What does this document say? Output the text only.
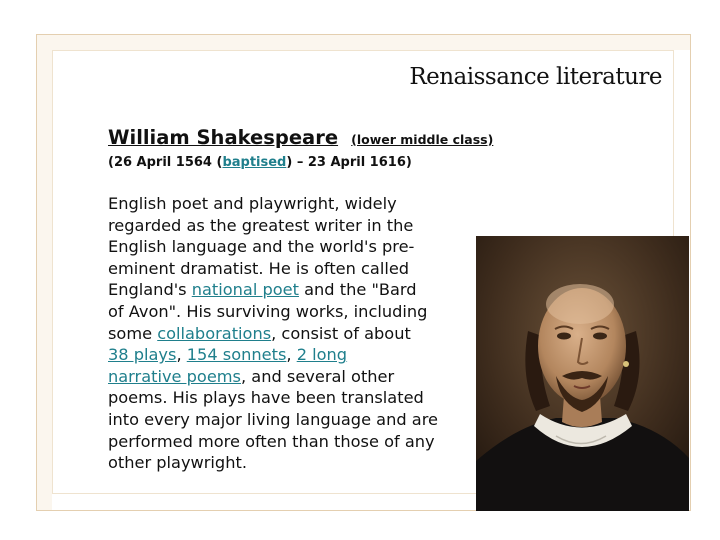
Renaissance literature
William Shakespeare (lower middle class)
(26 April 1564 (baptised) – 23 April 1616)
English poet and playwright, widely
regarded as the greatest writer in the
English language and the world's pre-
eminent dramatist. He is often called
England's national poet and the "Bard
of Avon". His surviving works, including
some collaborations, consist of about
38 plays, 154 sonnets, 2 long
narrative poems, and several other
poems. His plays have been translated
into every major living language and are
performed more often than those of any
other playwright.
